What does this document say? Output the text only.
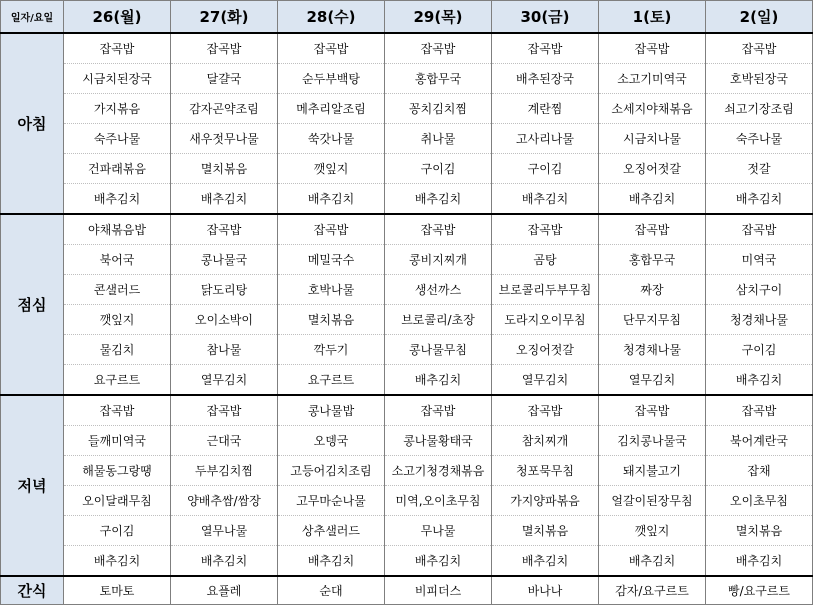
일자/요일	26(월)	27(화)	28(수)	29(목)	30(금)	1(토)	2(일)
아침	잡곡밥	잡곡밥	잡곡밥	잡곡밥	잡곡밥	잡곡밥	잡곡밥
	시금치된장국	달걀국	순두부백탕	홍합무국	배추된장국	소고기미역국	호박된장국
	가지볶음	감자곤약조림	메추리알조림	꽁치김치찜	계란찜	소세지야채볶음	쇠고기장조림
	숙주나물	새우젓무나물	쑥갓나물	취나물	고사리나물	시금치나물	숙주나물
	건파래볶음	멸치볶음	깻잎지	구이김	구이김	오징어젓갈	젓갈
	배추김치	배추김치	배추김치	배추김치	배추김치	배추김치	배추김치
점심	야채볶음밥	잡곡밥	잡곡밥	잡곡밥	잡곡밥	잡곡밥	잡곡밥
	북어국	콩나물국	메밀국수	콩비지찌개	곰탕	홍합무국	미역국
	콘샐러드	닭도리탕	호박나물	생선까스	브로콜리두부무침	짜장	삼치구이
	깻잎지	오이소박이	멸치볶음	브로콜리/초장	도라지오이무침	단무지무침	청경채나물
	물김치	참나물	깍두기	콩나물무침	오징어젓갈	청경채나물	구이김
	요구르트	열무김치	요구르트	배추김치	열무김치	열무김치	배추김치
저녁	잡곡밥	잡곡밥	콩나물밥	잡곡밥	잡곡밥	잡곡밥	잡곡밥
	들깨미역국	근대국	오뎅국	콩나물황태국	참치찌개	김치콩나물국	북어계란국
	해물동그랑땡	두부김치찜	고등어김치조림	소고기청경채볶음	청포묵무침	돼지불고기	잡채
	오이달래무침	양배추쌈/쌈장	고무마순나물	미역,오이초무침	가지양파볶음	얼갈이된장무침	오이초무침
	구이김	열무나물	상추샐러드	무나물	멸치볶음	깻잎지	멸치볶음
	배추김치	배추김치	배추김치	배추김치	배추김치	배추김치	배추김치
간식	토마토	요플레	순대	비피더스	바나나	감자/요구르트	빵/요구르트
